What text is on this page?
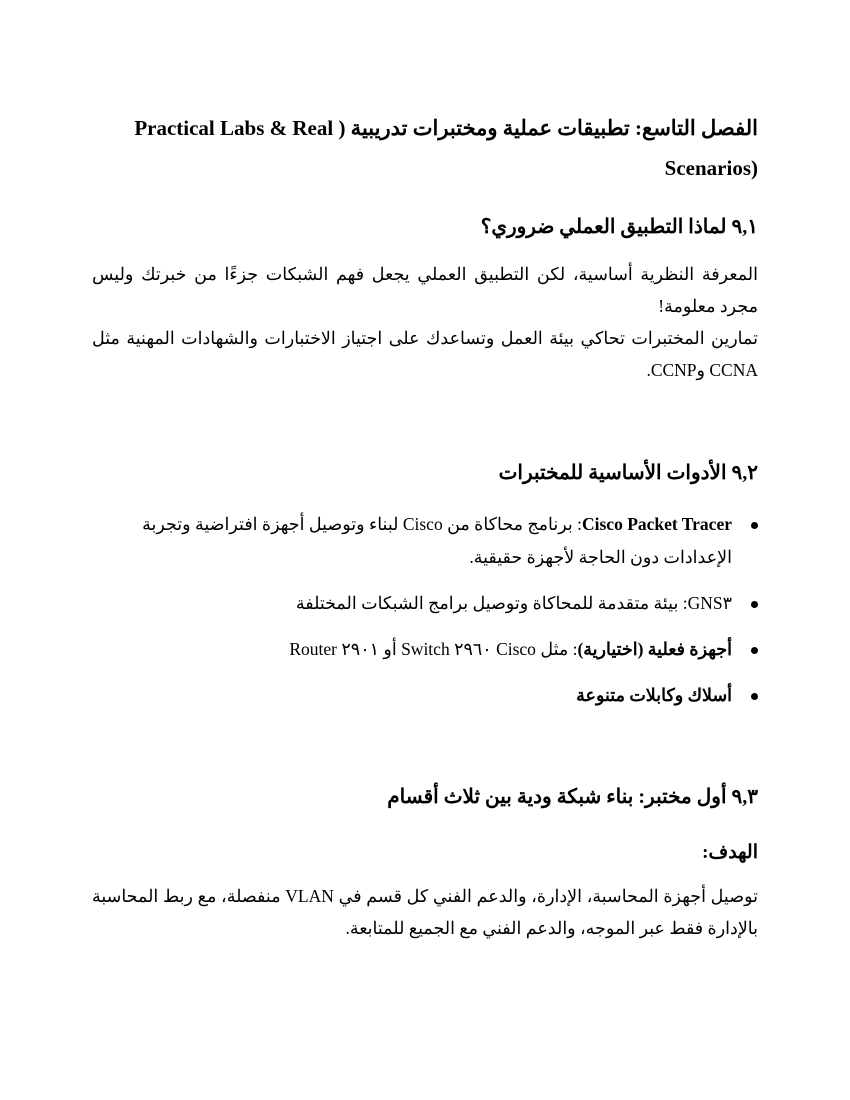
الفصل التاسع: تطبيقات عملية ومختبرات تدريبية ( Practical Labs & Real Scenarios)
٩,١ لماذا التطبيق العملي ضروري؟

المعرفة النظرية أساسية، لكن التطبيق العملي يجعل فهم الشبكات جزءًا من خبرتك وليس مجرد معلومة!

تمارين المختبرات تحاكي بيئة العمل وتساعدك على اجتياز الاختبارات والشهادات المهنية مثل CCNA وCCNP.

٩,٢ الأدوات الأساسية للمختبرات
Cisco Packet Tracer: برنامج محاكاة من Cisco لبناء وتوصيل أجهزة افتراضية وتجربة الإعدادات دون الحاجة لأجهزة حقيقية.
GNS٣: بيئة متقدمة للمحاكاة وتوصيل برامج الشبكات المختلفة
أجهزة فعلية (اختيارية): مثل Cisco ٢٩٦٠ Switch أو ٢٩٠١ Router
أسلاك وكابلات متنوعة
٩,٣ أول مختبر: بناء شبكة ودية بين ثلاث أقسام

الهدف:

توصيل أجهزة المحاسبة، الإدارة، والدعم الفني كل قسم في VLAN منفصلة، مع ربط المحاسبة بالإدارة فقط عبر الموجه، والدعم الفني مع الجميع للمتابعة.
